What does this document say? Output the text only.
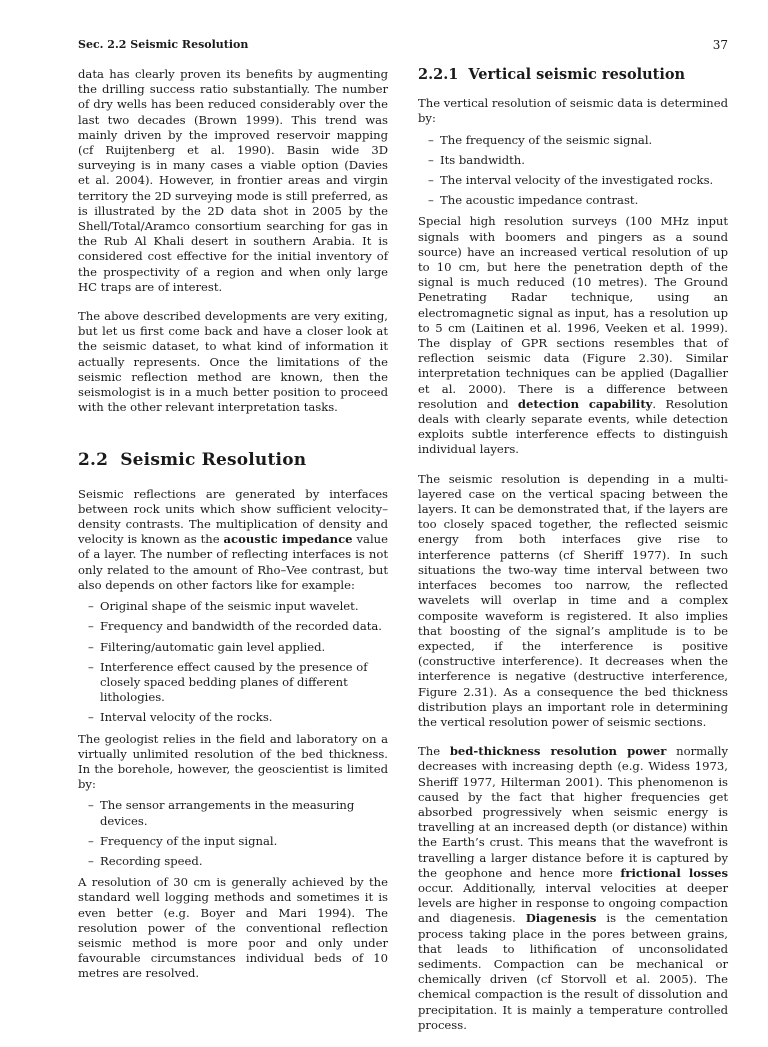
Sec. 2.2 Seismic Resolution	37

data has clearly proven its benefits by augmenting the drilling success ratio substantially. The number of dry wells has been reduced considerably over the last two decades (Brown 1999). This trend was mainly driven by the improved reservoir mapping (cf Ruijtenberg et al. 1990). Basin wide 3D surveying is in many cases a viable option (Davies et al. 2004). However, in frontier areas and virgin territory the 2D surveying mode is still preferred, as is illustrated by the 2D data shot in 2005 by the Shell/Total/Aramco consortium searching for gas in the Rub Al Khali desert in southern Arabia. It is considered cost effective for the initial inventory of the prospectivity of a region and when only large HC traps are of interest.

The above described developments are very exiting, but let us first come back and have a closer look at the seismic dataset, to what kind of information it actually represents. Once the limitations of the seismic reflection method are known, then the seismologist is in a much better position to proceed with the other relevant interpretation tasks.

2.2 Seismic Resolution

Seismic reflections are generated by interfaces between rock units which show sufficient velocity–density contrasts. The multiplication of density and velocity is known as the acoustic impedance value of a layer. The number of reflecting interfaces is not only related to the amount of Rho–Vee contrast, but also depends on other factors like for example:

– Original shape of the seismic input wavelet.
– Frequency and bandwidth of the recorded data.
– Filtering/automatic gain level applied.
– Interference effect caused by the presence of closely spaced bedding planes of different lithologies.
– Interval velocity of the rocks.

The geologist relies in the field and laboratory on a virtually unlimited resolution of the bed thickness. In the borehole, however, the geoscientist is limited by:

– The sensor arrangements in the measuring devices.
– Frequency of the input signal.
– Recording speed.

A resolution of 30 cm is generally achieved by the standard well logging methods and sometimes it is even better (e.g. Boyer and Mari 1994). The resolution power of the conventional reflection seismic method is more poor and only under favourable circumstances individual beds of 10 metres are resolved.

2.2.1 Vertical seismic resolution

The vertical resolution of seismic data is determined by:

– The frequency of the seismic signal.
– Its bandwidth.
– The interval velocity of the investigated rocks.
– The acoustic impedance contrast.

Special high resolution surveys (100 MHz input signals with boomers and pingers as a sound source) have an increased vertical resolution of up to 10 cm, but here the penetration depth of the signal is much reduced (10 metres). The Ground Penetrating Radar technique, using an electromagnetic signal as input, has a resolution up to 5 cm (Laitinen et al. 1996, Veeken et al. 1999). The display of GPR sections resembles that of reflection seismic data (Figure 2.30). Similar interpretation techniques can be applied (Dagallier et al. 2000). There is a difference between resolution and detection capability. Resolution deals with clearly separate events, while detection exploits subtle interference effects to distinguish individual layers.

The seismic resolution is depending in a multi-layered case on the vertical spacing between the layers. It can be demonstrated that, if the layers are too closely spaced together, the reflected seismic energy from both interfaces give rise to interference patterns (cf Sheriff 1977). In such situations the two-way time interval between two interfaces becomes too narrow, the reflected wavelets will overlap in time and a complex composite waveform is registered. It also implies that boosting of the signal’s amplitude is to be expected, if the interference is positive (constructive interference). It decreases when the interference is negative (destructive interference, Figure 2.31). As a consequence the bed thickness distribution plays an important role in determining the vertical resolution power of seismic sections.

The bed-thickness resolution power normally decreases with increasing depth (e.g. Widess 1973, Sheriff 1977, Hilterman 2001). This phenomenon is caused by the fact that higher frequencies get absorbed progressively when seismic energy is travelling at an increased depth (or distance) within the Earth’s crust. This means that the wavefront is travelling a larger distance before it is captured by the geophone and hence more frictional losses occur. Additionally, interval velocities at deeper levels are higher in response to ongoing compaction and diagenesis. Diagenesis is the cementation process taking place in the pores between grains, that leads to lithification of unconsolidated sediments. Compaction can be mechanical or chemically driven (cf Storvoll et al. 2005). The chemical compaction is the result of dissolution and precipitation. It is mainly a temperature controlled process.
